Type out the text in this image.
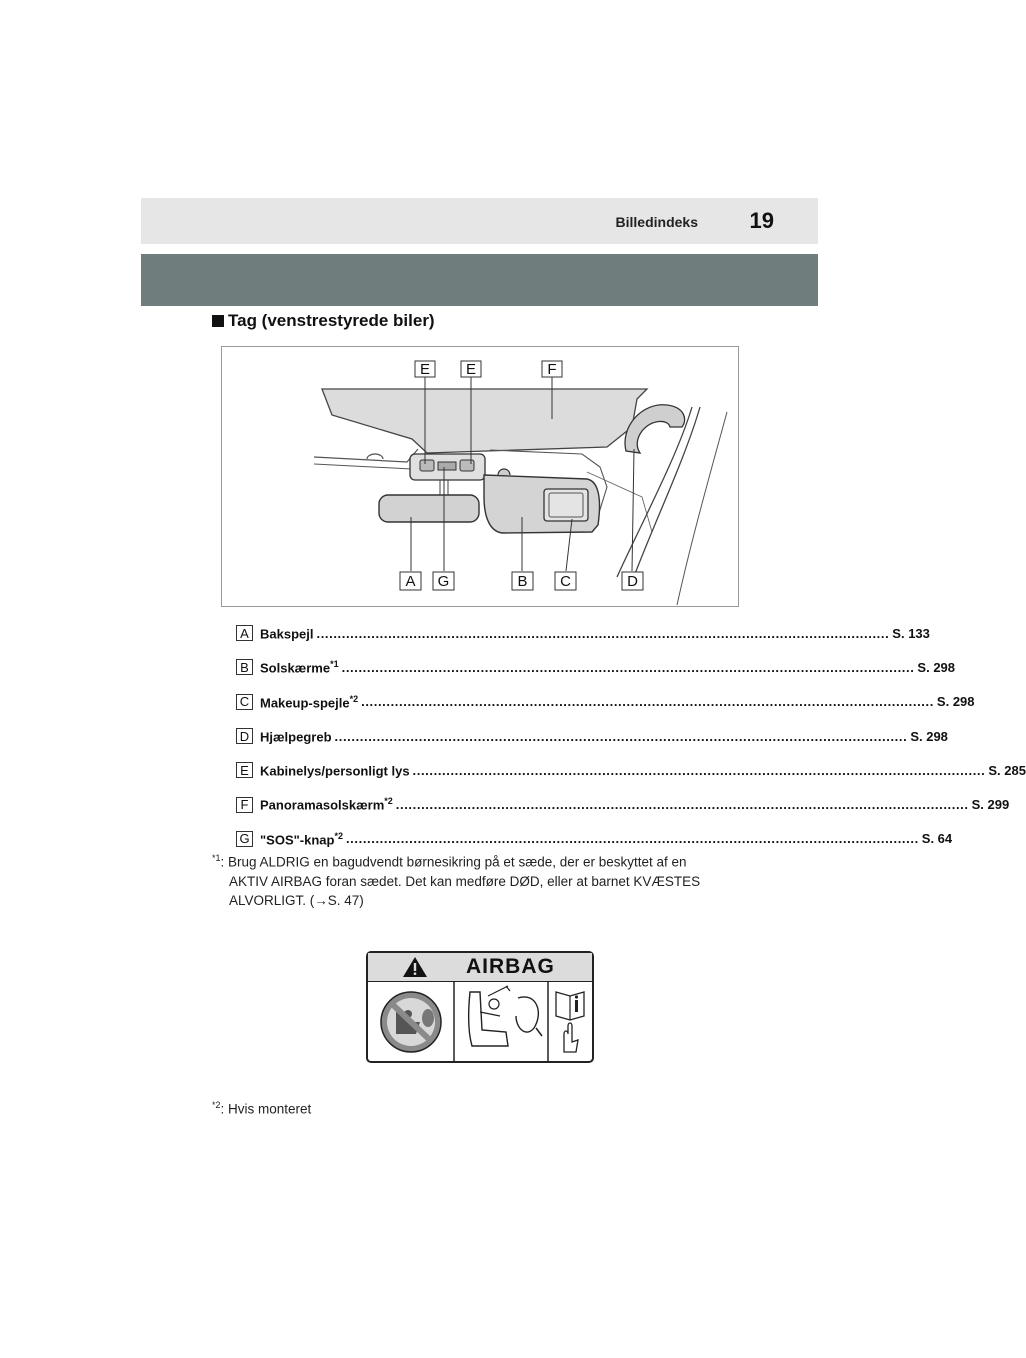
Billedindeks 19
Tag (venstrestyrede biler)
E E	F
A G	B C	D
A Bakspejl ........................................................................................................................................ S. 133
B Solskærme$^{*1}$ ........................................................................................................................................ S. 298
C Makeup-spejle$^{*2}$ ........................................................................................................................................ S. 298
D Hjælpegreb ........................................................................................................................................ S. 298
E Kabinelys/personligt lys ........................................................................................................................................ S. 285
F Panoramasolskærm$^{*2}$ ........................................................................................................................................ S. 299
G "SOS"-knap$^{*2}$ ........................................................................................................................................ S. 64
$^{*1}$: Brug ALDRIG en bagudvendt børnesikring på et sæde, der er beskyttet af en
AKTIV AIRBAG foran sædet. Det kan medføre DØD, eller at barnet KVÆSTES
ALVORLIGT. (→S. 47)
AIRBAG
$^{*2}$: Hvis monteret
